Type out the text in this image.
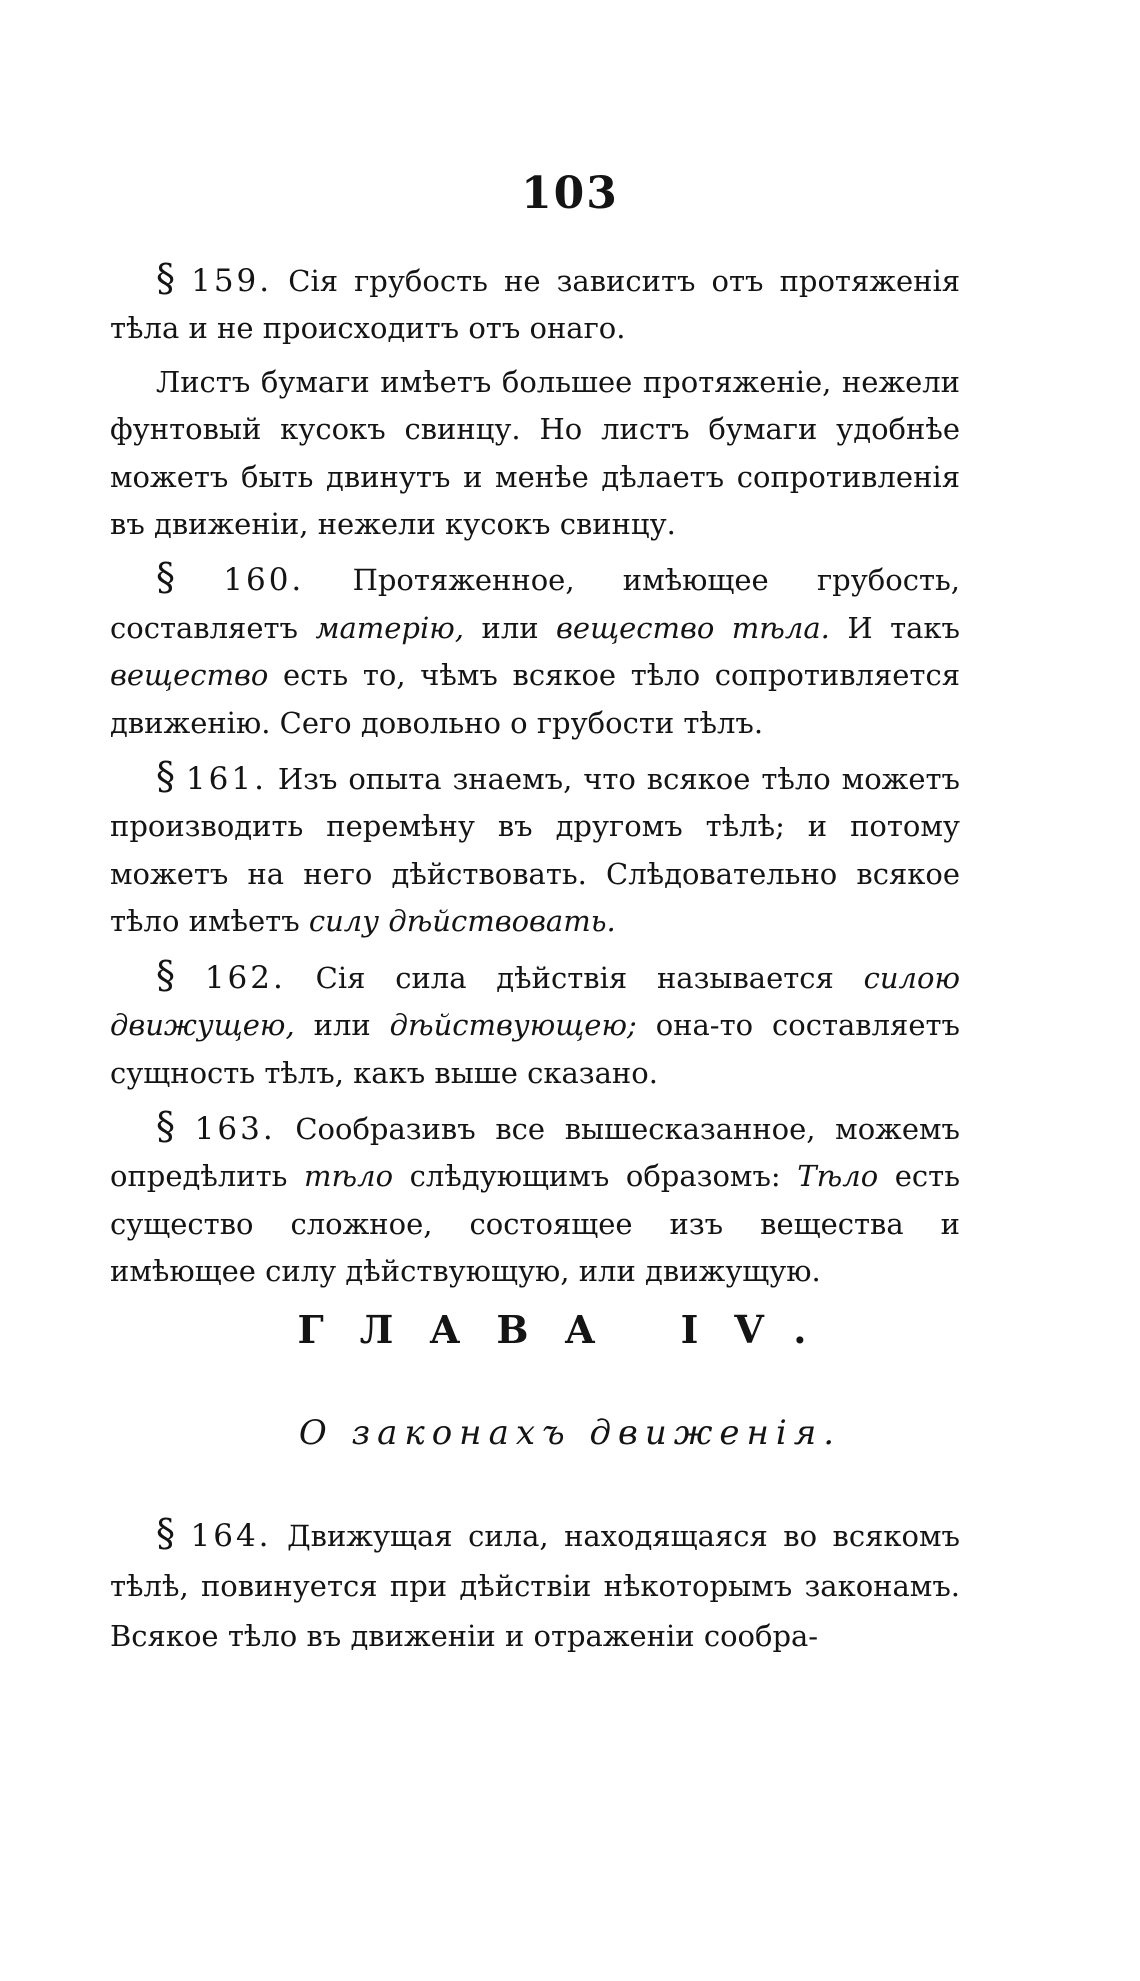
103

§ 159. Сія грубость не зависитъ отъ протяженія тѣла и не происходитъ отъ онаго.

Листъ бумаги имѣетъ большее протяженіе, нежели фунтовый кусокъ свинцу. Но листъ бумаги удобнѣе можетъ быть двинутъ и менѣе дѣлаетъ сопротивленія въ движеніи, нежели кусокъ свинцу.

§ 160. Протяженное, имѣющее грубость, составляетъ матерію, или вещество тѣла. И такъ вещество есть то, чѣмъ всякое тѣло сопротивляется движенію. Сего довольно о грубости тѣлъ.

§ 161. Изъ опыта знаемъ, что всякое тѣло можетъ производить перемѣну въ другомъ тѣлѣ; и потому можетъ на него дѣйствовать. Слѣдовательно всякое тѣло имѣетъ силу дѣйствовать.

§ 162. Сія сила дѣйствія называется силою движущею, или дѣйствующею; она-то составляетъ сущность тѣлъ, какъ выше сказано.

§ 163. Сообразивъ все вышесказанное, можемъ опредѣлить тѣло слѣдующимъ образомъ: Тѣло есть существо сложное, состоящее изъ вещества и имѣющее силу дѣйствующую, или движущую.

ГЛАВА IV.
О законахъ движенія.

§ 164. Движущая сила, находящаяся во всякомъ тѣлѣ, повинуется при дѣйствіи нѣкоторымъ законамъ. Всякое тѣло въ движеніи и отраженіи сообра-
